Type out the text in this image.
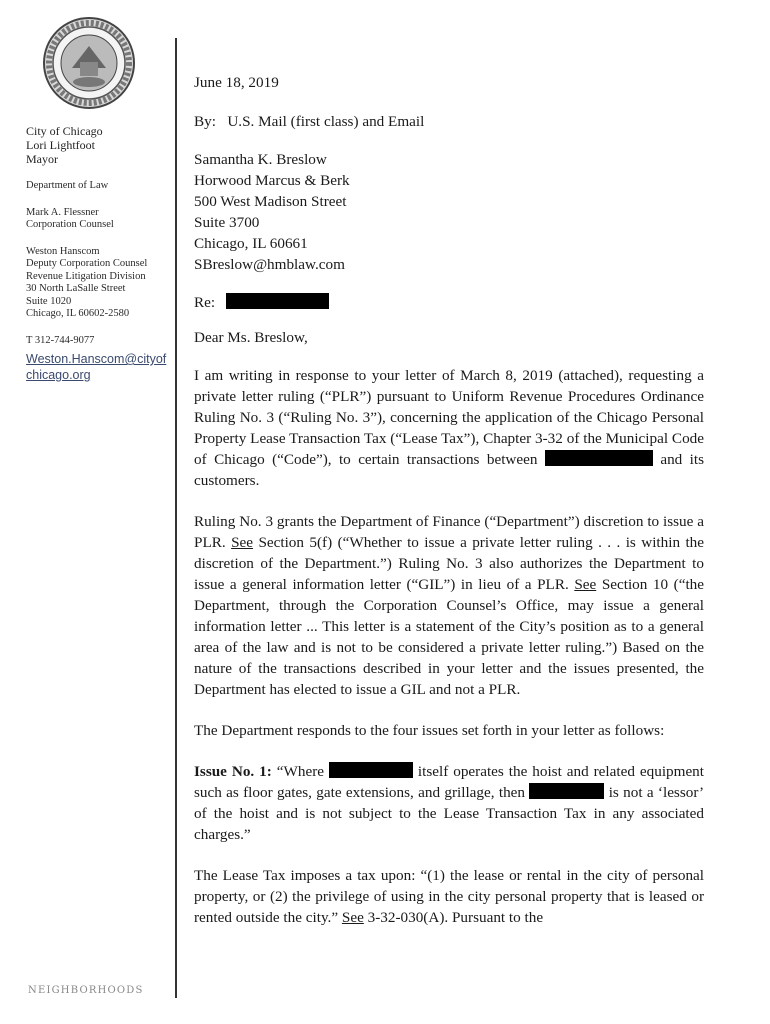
City of Chicago
Lori Lightfoot
Mayor
Department of Law
Mark A. Flessner
Corporation Counsel
Weston Hanscom
Deputy Corporation Counsel
Revenue Litigation Division
30 North LaSalle Street
Suite 1020
Chicago, IL 60602-2580
T 312-744-9077
Weston.Hanscom@cityof
chicago.org

June 18, 2019

By: U.S. Mail (first class) and Email

Samantha K. Breslow

Horwood Marcus & Berk

500 West Madison Street

Suite 3700

Chicago, IL 60661

SBreslow@hmblaw.com

Re:

Dear Ms. Breslow,

I am writing in response to your letter of March 8, 2019 (attached), requesting a private letter ruling (“PLR”) pursuant to Uniform Revenue Procedures Ordinance Ruling No. 3 (“Ruling No. 3”), concerning the application of the Chicago Personal Property Lease Transaction Tax (“Lease Tax”), Chapter 3-32 of the Municipal Code of Chicago (“Code”), to certain transactions between	and its customers.

Ruling No. 3 grants the Department of Finance (“Department”) discretion to issue a PLR. See Section 5(f) (“Whether to issue a private letter ruling . . . is within the discretion of the Department.”) Ruling No. 3 also authorizes the Department to issue a general information letter (“GIL”) in lieu of a PLR. See Section 10 (“the Department, through the Corporation Counsel’s Office, may issue a general information letter ... This letter is a statement of the City’s position as to a general area of the law and is not to be considered a private letter ruling.”) Based on the nature of the transactions described in your letter and the issues presented, the Department has elected to issue a GIL and not a PLR.

The Department responds to the four issues set forth in your letter as follows:

Issue No. 1: “Where	itself operates the hoist and related equipment such as floor gates, gate extensions, and grillage, then	is not a ‘lessor’ of the hoist and is not subject to the Lease Transaction Tax in any associated charges.”

The Lease Tax imposes a tax upon: “(1) the lease or rental in the city of personal property, or (2) the privilege of using in the city personal property that is leased or rented outside the city.” See 3-32-030(A). Pursuant to the

NEIGHBORHOODS
